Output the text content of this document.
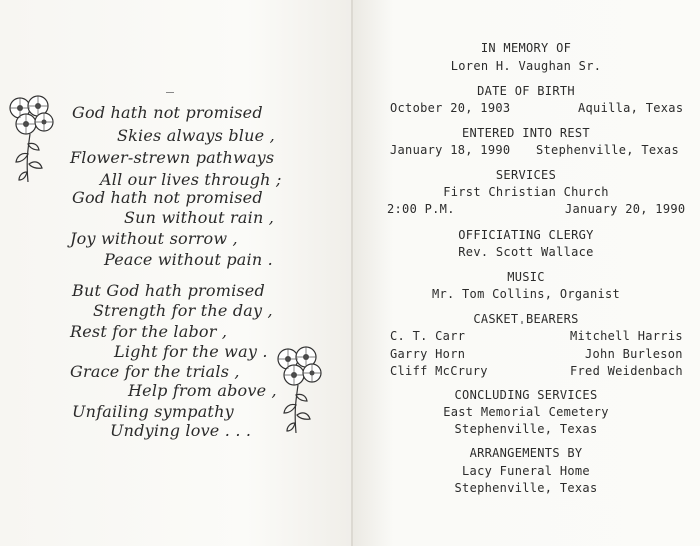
God hath not promised
Skies always blue ,
Flower-strewn pathways
All our lives through ;
God hath not promised
Sun without rain ,
Joy without sorrow ,
Peace without pain .
But God hath promised
Strength for the day ,
Rest for the labor ,
Light for the way .
Grace for the trials ,
Help from above ,
Unfailing sympathy
Undying love . . .
IN MEMORY OF
Loren H. Vaughan Sr.
DATE OF BIRTH
October 20, 1903	Aquilla, Texas
ENTERED INTO REST
January 18, 1990 Stephenville, Texas
SERVICES
First Christian Church
2:00 P.M.	January 20, 1990
OFFICIATING CLERGY
Rev. Scott Wallace
MUSIC
Mr. Tom Collins, Organist
CASKET BEARERS
C. T. Carr	Mitchell Harris
Garry Horn	John Burleson
Cliff McCrury	Fred Weidenbach
CONCLUDING SERVICES
East Memorial Cemetery
Stephenville, Texas
ARRANGEMENTS BY
Lacy Funeral Home
Stephenville, Texas
